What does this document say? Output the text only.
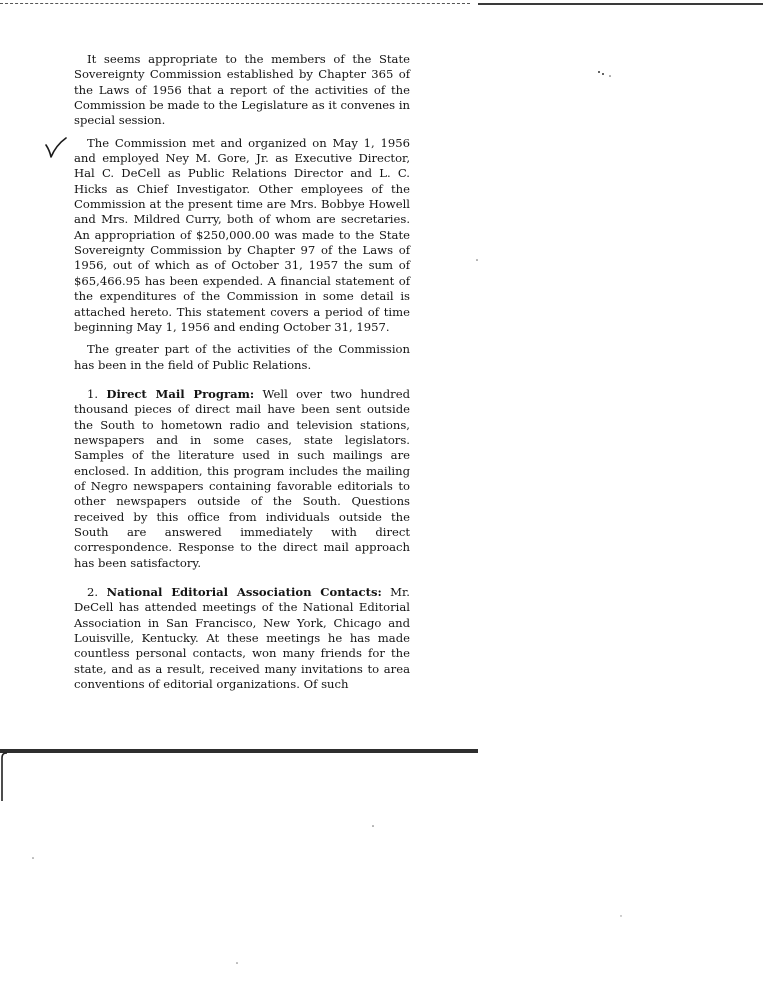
It seems appropriate to the members of the State Sovereignty Commission established by Chapter 365 of the Laws of 1956 that a report of the activities of the Commission be made to the Legislature as it convenes in special session.

The Commission met and organized on May 1, 1956 and employed Ney M. Gore, Jr. as Executive Director, Hal C. DeCell as Public Relations Director and L. C. Hicks as Chief Investigator. Other employees of the Commission at the present time are Mrs. Bobbye Howell and Mrs. Mildred Curry, both of whom are secretaries. An appropriation of $250,000.00 was made to the State Sovereignty Commission by Chapter 97 of the Laws of 1956, out of which as of October 31, 1957 the sum of $65,466.95 has been expended. A financial statement of the expenditures of the Commission in some detail is attached hereto. This statement covers a period of time beginning May 1, 1956 and ending October 31, 1957.

The greater part of the activities of the Commission has been in the field of Public Relations.

1. Direct Mail Program: Well over two hundred thousand pieces of direct mail have been sent outside the South to hometown radio and television stations, newspapers and in some cases, state legislators. Samples of the literature used in such mailings are enclosed. In addition, this program includes the mailing of Negro newspapers containing favorable editorials to other newspapers outside of the South. Questions received by this office from individuals outside the South are answered immediately with direct correspondence. Response to the direct mail approach has been satisfactory.

2. National Editorial Association Contacts: Mr. DeCell has attended meetings of the National Editorial Association in San Francisco, New York, Chicago and Louisville, Kentucky. At these meetings he has made countless personal contacts, won many friends for the state, and as a result, received many invitations to area conventions of editorial organizations. Of such
